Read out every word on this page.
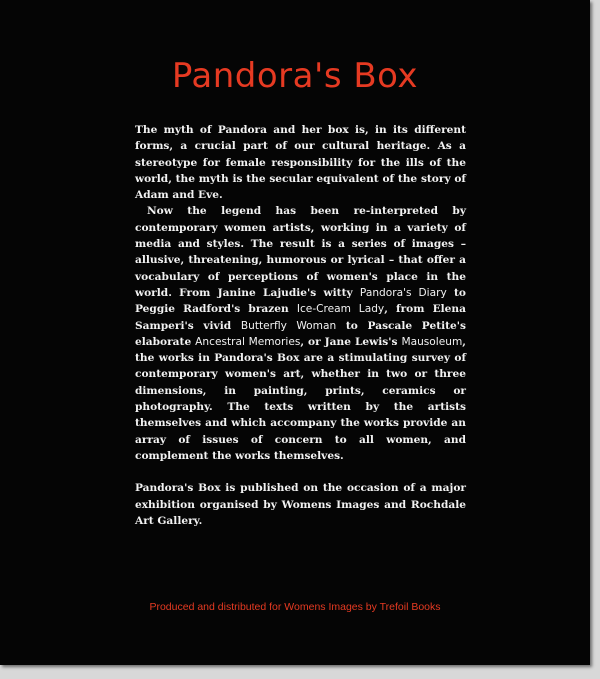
Pandora's Box

The myth of Pandora and her box is, in its different forms, a crucial part of our cultural heritage. As a stereotype for female responsibility for the ills of the world, the myth is the secular equivalent of the story of Adam and Eve.

Now the legend has been re-interpreted by contemporary women artists, working in a variety of media and styles. The result is a series of images – allusive, threatening, humorous or lyrical – that offer a vocabulary of perceptions of women's place in the world. From Janine Lajudie's witty Pandora's Diary to Peggie Radford's brazen Ice-Cream Lady, from Elena Samperi's vivid Butterfly Woman to Pascale Petite's elaborate Ancestral Memories, or Jane Lewis's Mausoleum, the works in Pandora's Box are a stimulating survey of contemporary women's art, whether in two or three dimensions, in painting, prints, ceramics or photography. The texts written by the artists themselves and which accompany the works provide an array of issues of concern to all women, and complement the works themselves.

Pandora's Box is published on the occasion of a major exhibition organised by Womens Images and Rochdale Art Gallery.

Produced and distributed for Womens Images by Trefoil Books
